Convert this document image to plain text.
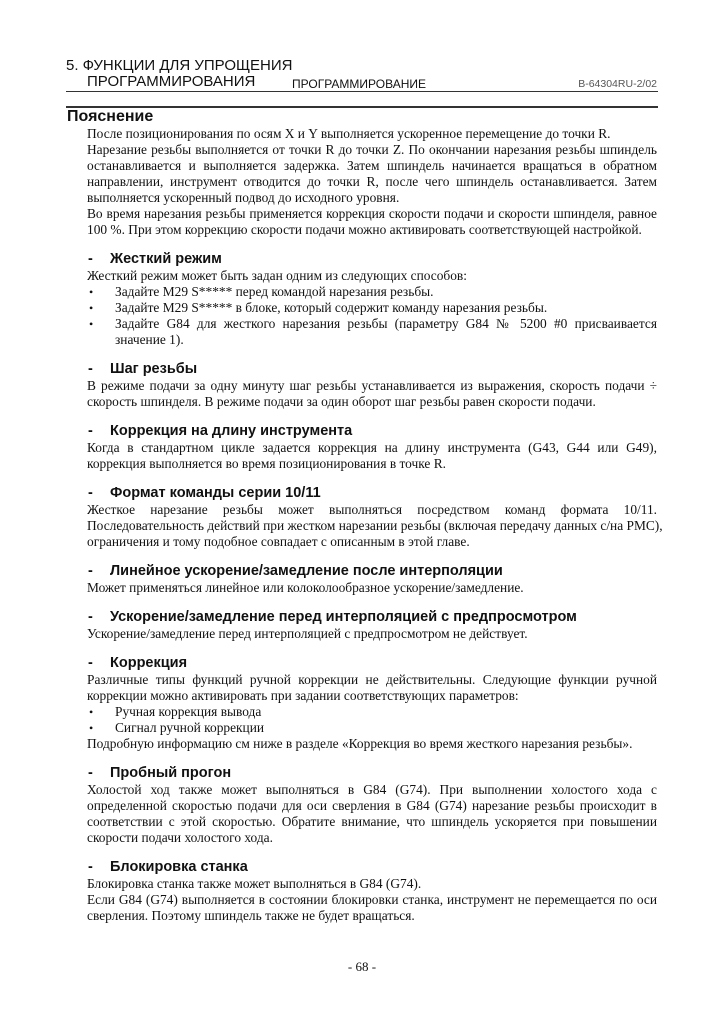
5. ФУНКЦИИ ДЛЯ УПРОЩЕНИЯ
ПРОГРАММИРОВАНИЯ	ПРОГРАММИРОВАНИЕ	B-64304RU-2/02
Пояснение
После позиционирования по осям X и Y выполняется ускоренное перемещение до точки R.
Нарезание резьбы выполняется от точки R до точки Z. По окончании нарезания резьбы шпиндель
останавливается и выполняется задержка. Затем шпиндель начинается вращаться в обратном
направлении, инструмент отводится до точки R, после чего шпиндель останавливается. Затем
выполняется ускоренный подвод до исходного уровня.
Во время нарезания резьбы применяется коррекция скорости подачи и скорости шпинделя, равное
100 %. При этом коррекцию скорости подачи можно активировать соответствующей настройкой.
- Жесткий режим
Жесткий режим может быть задан одним из следующих способов:
• Задайте M29 S***** перед командой нарезания резьбы.
• Задайте M29 S***** в блоке, который содержит команду нарезания резьбы.
• Задайте G84 для жесткого нарезания резьбы (параметру G84 № 5200 #0 присваивается
значение 1).
- Шаг резьбы
В режиме подачи за одну минуту шаг резьбы устанавливается из выражения, скорость подачи ÷
скорость шпинделя. В режиме подачи за один оборот шаг резьбы равен скорости подачи.
- Коррекция на длину инструмента
Когда в стандартном цикле задается коррекция на длину инструмента (G43, G44 или G49),
коррекция выполняется во время позиционирования в точке R.
- Формат команды серии 10/11
Жесткое нарезание резьбы может выполняться посредством команд формата 10/11.
Последовательность действий при жестком нарезании резьбы (включая передачу данных с/на PMC),
ограничения и тому подобное совпадает с описанным в этой главе.
- Линейное ускорение/замедление после интерполяции
Может применяться линейное или колоколообразное ускорение/замедление.
- Ускорение/замедление перед интерполяцией с предпросмотром
Ускорение/замедление перед интерполяцией с предпросмотром не действует.
- Коррекция
Различные типы функций ручной коррекции не действительны. Следующие функции ручной
коррекции можно активировать при задании соответствующих параметров:
• Ручная коррекция вывода
• Сигнал ручной коррекции
Подробную информацию см ниже в разделе «Коррекция во время жесткого нарезания резьбы».
- Пробный прогон
Холостой ход также может выполняться в G84 (G74). При выполнении холостого хода с
определенной скоростью подачи для оси сверления в G84 (G74) нарезание резьбы происходит в
соответствии с этой скоростью. Обратите внимание, что шпиндель ускоряется при повышении
скорости подачи холостого хода.
- Блокировка станка
Блокировка станка также может выполняться в G84 (G74).
Если G84 (G74) выполняется в состоянии блокировки станка, инструмент не перемещается по оси
сверления. Поэтому шпиндель также не будет вращаться.
- 68 -
